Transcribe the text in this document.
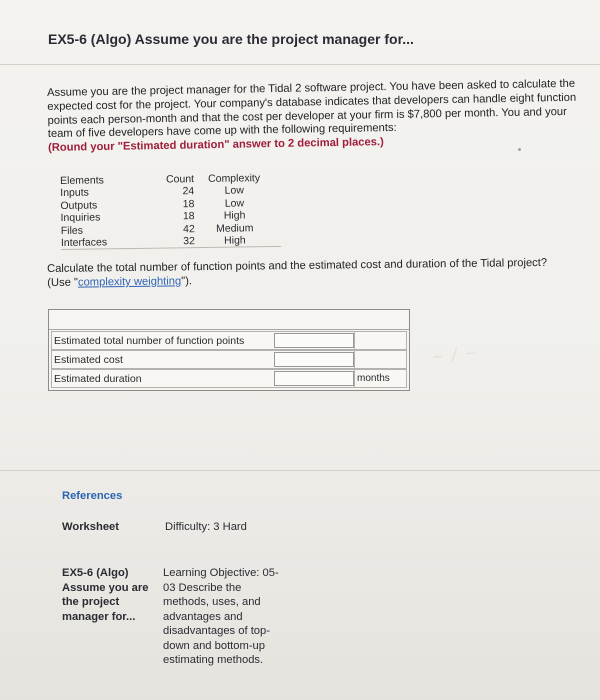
EX5-6 (Algo) Assume you are the project manager for...

Assume you are the project manager for the Tidal 2 software project. You have been asked to calculate the expected cost for the project. Your company's database indicates that developers can handle eight function points each person-month and that the cost per developer at your firm is $7,800 per month. You and your team of five developers have come up with the following requirements:

(Round your "Estimated duration" answer to 2 decimal places.)

Elements	Count	Complexity
Inputs	24	Low
Outputs	18	Low
Inquiries	18	High
Files	42	Medium
Interfaces	32	High

Calculate the total number of function points and the estimated cost and duration of the Tidal project?

(Use "complexity weighting").

Estimated total number of function points
Estimated cost
Estimated duration	months
~ / ~
References
Worksheet	Difficulty: 3 Hard
EX5-6 (Algo) Assume you are the project manager for...
Learning Objective: 05-03 Describe the methods, uses, and advantages and disadvantages of top-down and bottom-up estimating methods.
